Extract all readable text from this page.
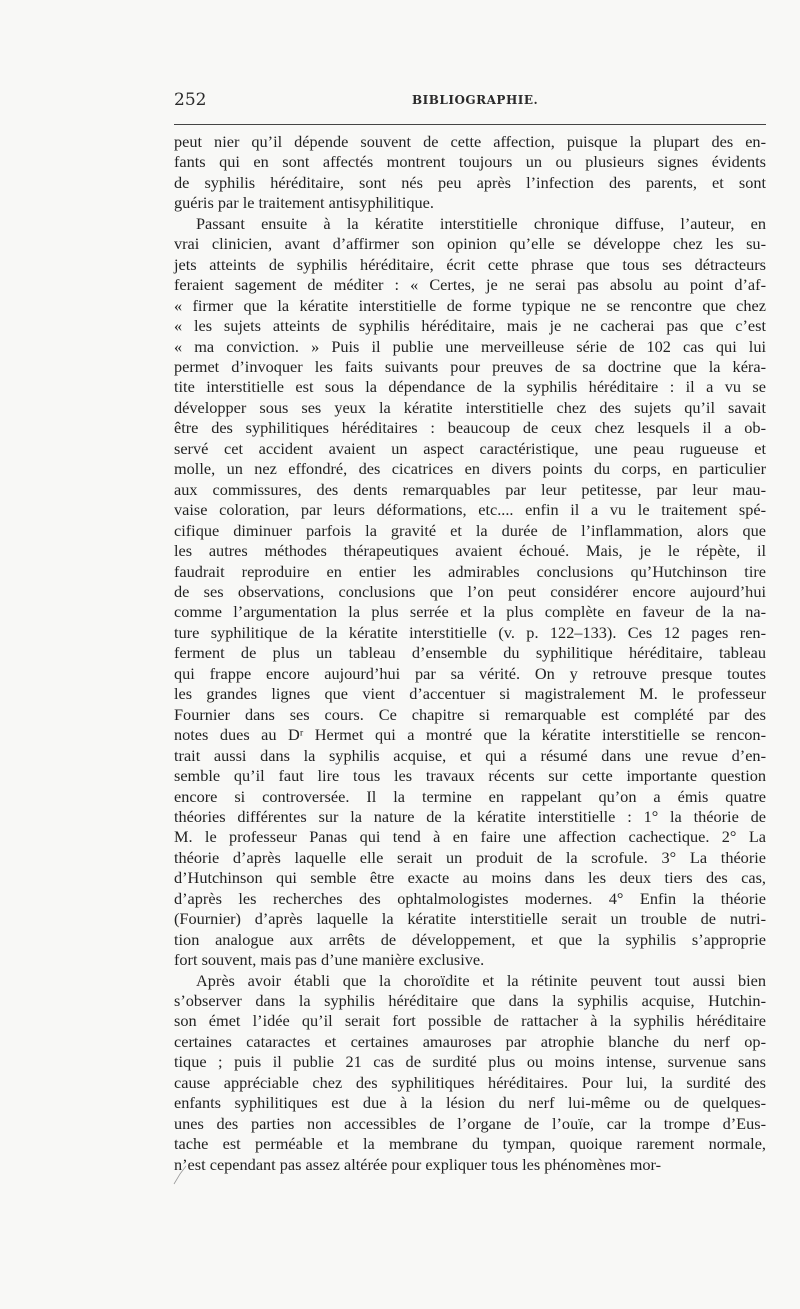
252	BIBLIOGRAPHIE.
peut nier qu’il dépende souvent de cette affection, puisque la plupart des en-
fants qui en sont affectés montrent toujours un ou plusieurs signes évidents
de syphilis héréditaire, sont nés peu après l’infection des parents, et sont
guéris par le traitement antisyphilitique.
Passant ensuite à la kératite interstitielle chronique diffuse, l’auteur, en
vrai clinicien, avant d’affirmer son opinion qu’elle se développe chez les su-
jets atteints de syphilis héréditaire, écrit cette phrase que tous ses détracteurs
feraient sagement de méditer : « Certes, je ne serai pas absolu au point d’af-
« firmer que la kératite interstitielle de forme typique ne se rencontre que chez
« les sujets atteints de syphilis héréditaire, mais je ne cacherai pas que c’est
« ma conviction. » Puis il publie une merveilleuse série de 102 cas qui lui
permet d’invoquer les faits suivants pour preuves de sa doctrine que la kéra-
tite interstitielle est sous la dépendance de la syphilis héréditaire : il a vu se
développer sous ses yeux la kératite interstitielle chez des sujets qu’il savait
être des syphilitiques héréditaires : beaucoup de ceux chez lesquels il a ob-
servé cet accident avaient un aspect caractéristique, une peau rugueuse et
molle, un nez effondré, des cicatrices en divers points du corps, en particulier
aux commissures, des dents remarquables par leur petitesse, par leur mau-
vaise coloration, par leurs déformations, etc.... enfin il a vu le traitement spé-
cifique diminuer parfois la gravité et la durée de l’inflammation, alors que
les autres méthodes thérapeutiques avaient échoué. Mais, je le répète, il
faudrait reproduire en entier les admirables conclusions qu’Hutchinson tire
de ses observations, conclusions que l’on peut considérer encore aujourd’hui
comme l’argumentation la plus serrée et la plus complète en faveur de la na-
ture syphilitique de la kératite interstitielle (v. p. 122–133). Ces 12 pages ren-
ferment de plus un tableau d’ensemble du syphilitique héréditaire, tableau
qui frappe encore aujourd’hui par sa vérité. On y retrouve presque toutes
les grandes lignes que vient d’accentuer si magistralement M. le professeur
Fournier dans ses cours. Ce chapitre si remarquable est complété par des
notes dues au Dʳ Hermet qui a montré que la kératite interstitielle se rencon-
trait aussi dans la syphilis acquise, et qui a résumé dans une revue d’en-
semble qu’il faut lire tous les travaux récents sur cette importante question
encore si controversée. Il la termine en rappelant qu’on a émis quatre
théories différentes sur la nature de la kératite interstitielle : 1° la théorie de
M. le professeur Panas qui tend à en faire une affection cachectique. 2° La
théorie d’après laquelle elle serait un produit de la scrofule. 3° La théorie
d’Hutchinson qui semble être exacte au moins dans les deux tiers des cas,
d’après les recherches des ophtalmologistes modernes. 4° Enfin la théorie
(Fournier) d’après laquelle la kératite interstitielle serait un trouble de nutri-
tion analogue aux arrêts de développement, et que la syphilis s’approprie
fort souvent, mais pas d’une manière exclusive.
Après avoir établi que la choroïdite et la rétinite peuvent tout aussi bien
s’observer dans la syphilis héréditaire que dans la syphilis acquise, Hutchin-
son émet l’idée qu’il serait fort possible de rattacher à la syphilis héréditaire
certaines cataractes et certaines amauroses par atrophie blanche du nerf op-
tique ; puis il publie 21 cas de surdité plus ou moins intense, survenue sans
cause appréciable chez des syphilitiques héréditaires. Pour lui, la surdité des
enfants syphilitiques est due à la lésion du nerf lui-même ou de quelques-
unes des parties non accessibles de l’organe de l’ouïe, car la trompe d’Eus-
tache est perméable et la membrane du tympan, quoique rarement normale,
n’est cependant pas assez altérée pour expliquer tous les phénomènes mor-
